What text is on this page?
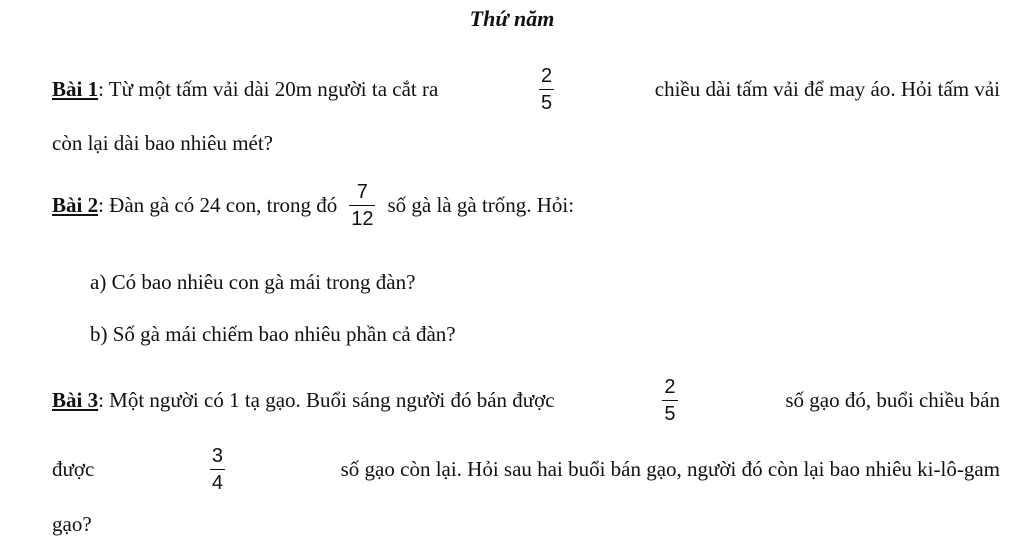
Thứ năm
Bài 1: Từ một tấm vải dài 20m người ta cắt ra	$\frac{2}{5}$	chiều dài tấm vải để may áo. Hỏi tấm vải
còn lại dài bao nhiêu mét?
Bài 2 : Đàn gà có 24 con, trong đó $\frac{7}{12}$ số gà là gà trống. Hỏi:
a) Có bao nhiêu con gà mái trong đàn?
b) Số gà mái chiếm bao nhiêu phần cả đàn?
Bài 3: Một người có 1 tạ gạo. Buổi sáng người đó bán được	$\frac{2}{5}$	số gạo đó, buổi chiều bán
được	$\frac{3}{4}$	số gạo còn lại. Hỏi sau hai buổi bán gạo, người đó còn lại bao nhiêu ki-lô-gam
gạo?
